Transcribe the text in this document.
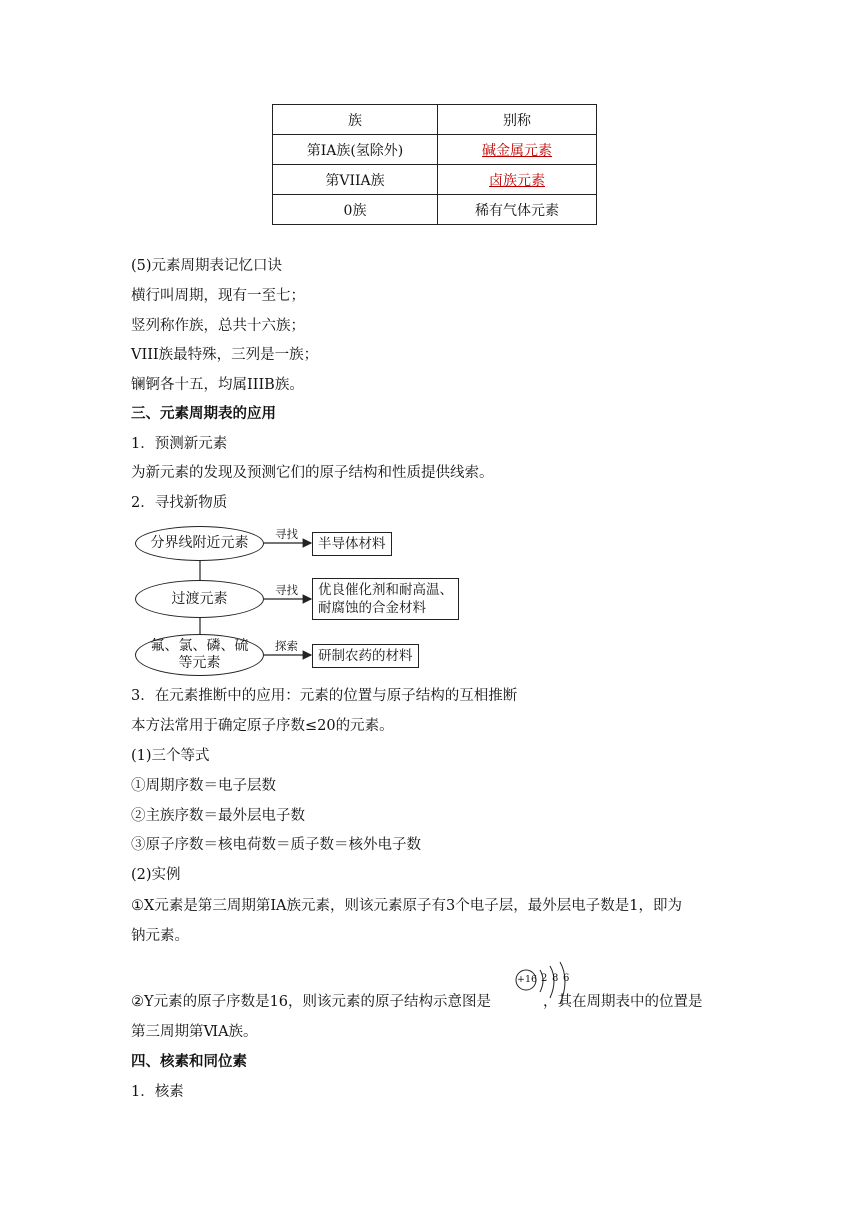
族	别称
第IA族(氢除外)	碱金属元素
第VIIA族	卤族元素
0族	稀有气体元素
(5)元素周期表记忆口诀
横行叫周期，现有一至七；
竖列称作族，总共十六族；
VIII族最特殊，三列是一族；
镧锕各十五，均属IIIB族。
三、元素周期表的应用
1．预测新元素
为新元素的发现及预测它们的原子结构和性质提供线索。
2．寻找新物质
分界线附近元素
寻找
半导体材料
过渡元素
寻找 优良催化剂和耐高温、
耐腐蚀的合金材料
氟、氯、磷、硫
等元素
探索
研制农药的材料
3．在元素推断中的应用：元素的位置与原子结构的互相推断
本方法常用于确定原子序数≤20的元素。
(1)三个等式
①周期序数＝电子层数
②主族序数＝最外层电子数
③原子序数＝核电荷数＝质子数＝核外电子数
(2)实例
①X元素是第三周期第ⅠA族元素，则该元素原子有3个电子层，最外层电子数是1，即为
钠元素。
+16 2 8 6
②Y元素的原子序数是16，则该元素的原子结构示意图是	，其在周期表中的位置是
第三周期第ⅥA族。
四、核素和同位素
1．核素
